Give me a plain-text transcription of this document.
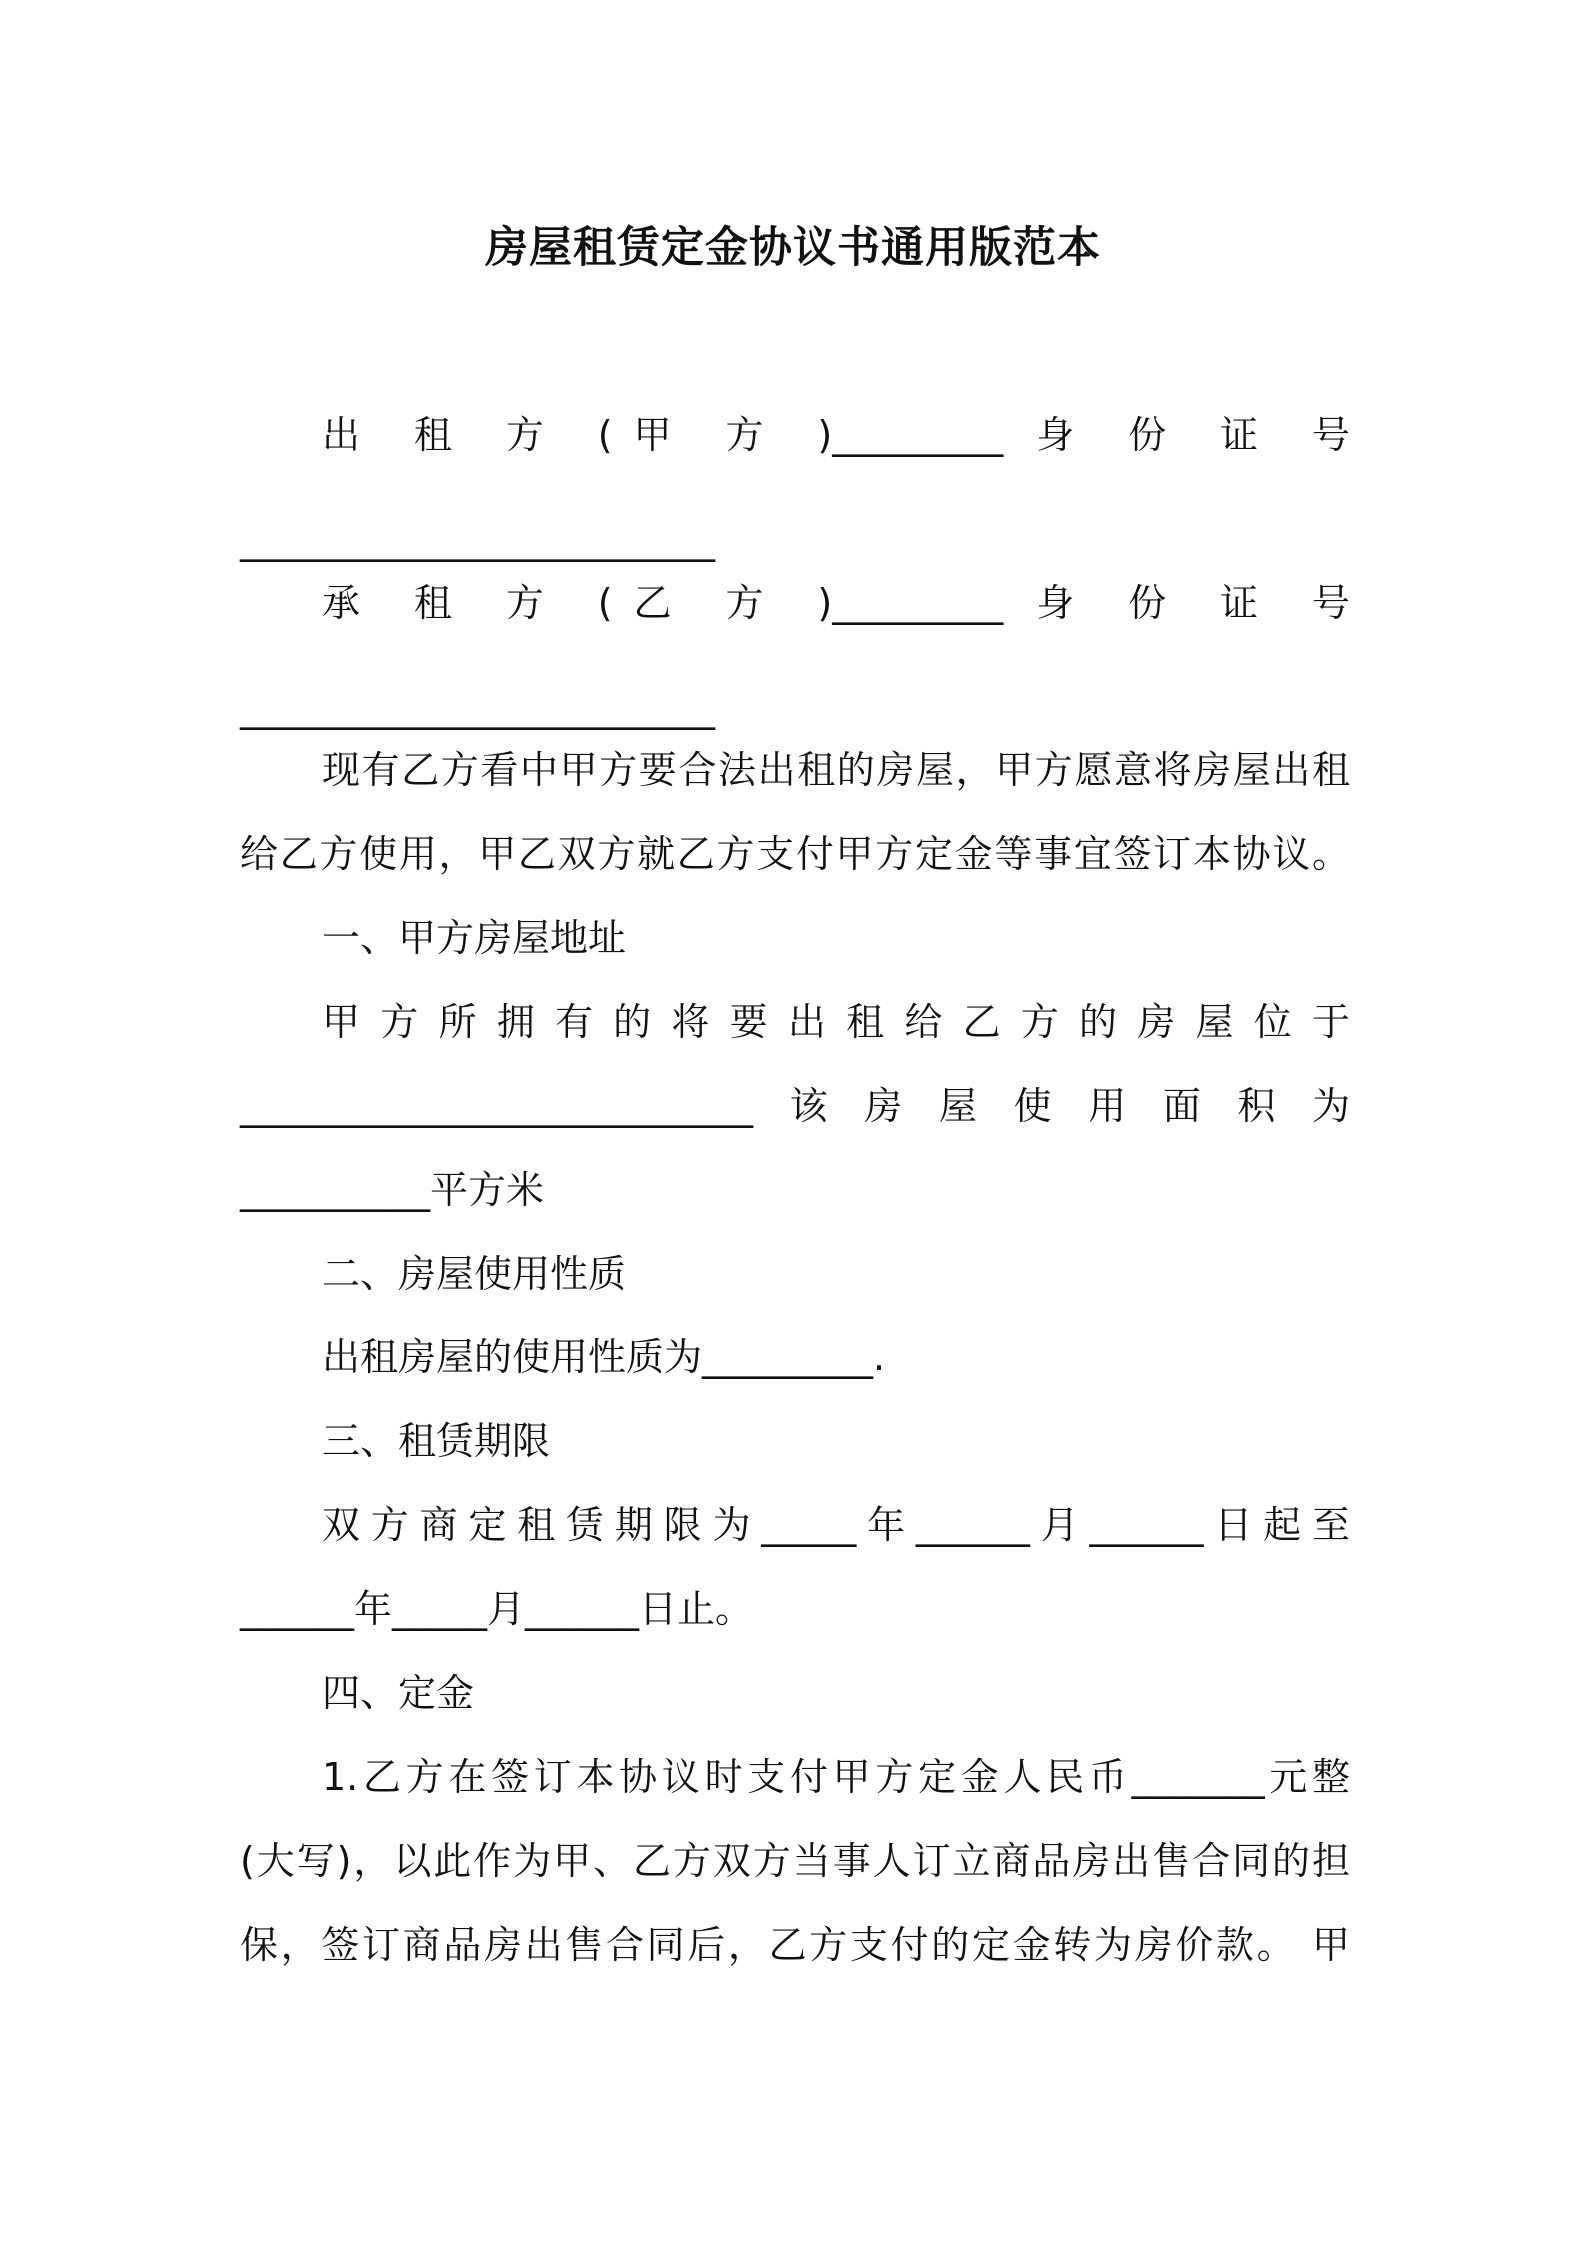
房屋租赁定金协议书通用版范本
出 租 方 (甲 方 )_________ 身 份 证 号
_________________________
承 租 方 (乙 方 )_________ 身 份 证 号
_________________________
现有乙方看中甲方要合法出租的房屋，甲方愿意将房屋出租
给乙方使用，甲乙双方就乙方支付甲方定金等事宜签订本协议。
一、甲方房屋地址
甲方所拥有的将要出租给乙方的房屋位于
___________________________该房屋使用面积为
__________平方米
二、房屋使用性质
出租房屋的使用性质为_________.
三、租赁期限
双方商定租赁期限为_____年______月______日起至
______年_____月______日止。
四、定金
1.乙方在签订本协议时支付甲方定金人民币_______元整
(大写)，以此作为甲、乙方双方当事人订立商品房出售合同的担
保，签订商品房出售合同后，乙方支付的定金转为房价款。 甲
